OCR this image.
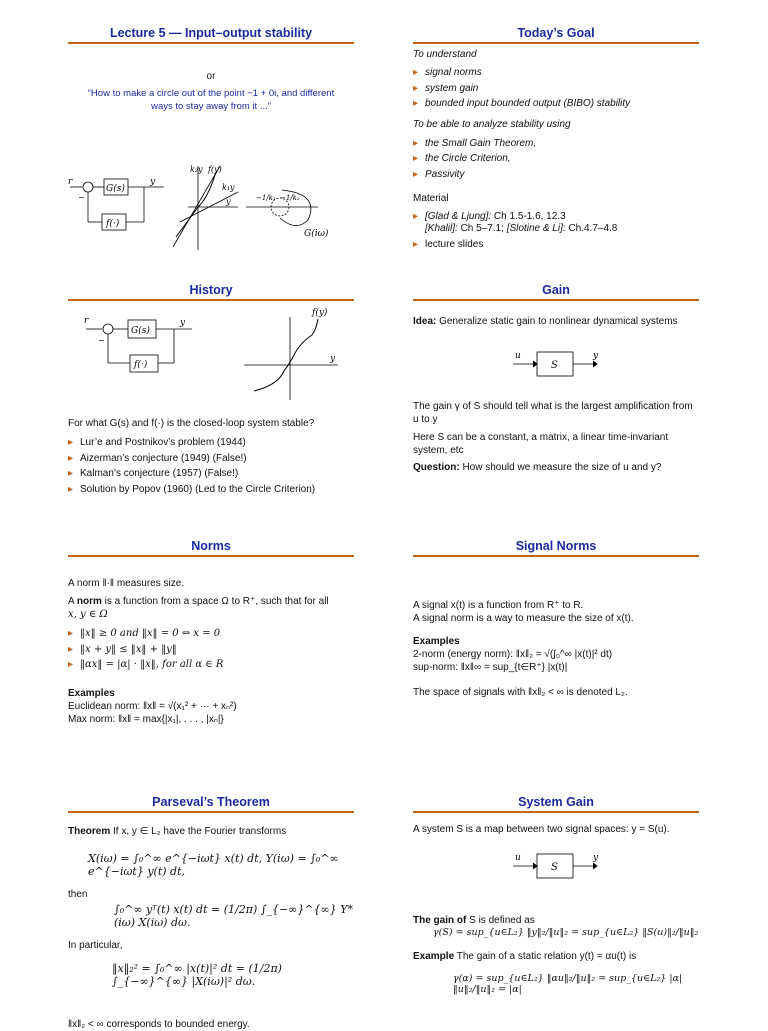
Lecture 5 — Input–output stability
or
“How to make a circle out of the point −1 + 0i, and different
ways to stay away from it ...”
r
G(s)
y
f(·)
−
k₂y f(y)
k₁y
y	−1/k₁ −1/k₂
G(iω)
Today’s Goal
To understand
▸ signal norms
▸ system gain
▸ bounded input bounded output (BIBO) stability
To be able to analyze stability using
▸ the Small Gain Theorem,
▸ the Circle Criterion,
▸ Passivity
Material
▸ [Glad & Ljung]: Ch 1.5-1.6, 12.3
[Khalil]: Ch 5–7.1; [Slotine & Li]: Ch.4.7–4.8
▸ lecture slides
History
r
G(s)
y
f(·)
−
f(y)
y
For what G(s) and f(·) is the closed-loop system stable?
▸ Lur’e and Postnikov’s problem (1944)
▸ Aizerman’s conjecture (1949) (False!)
▸ Kalman’s conjecture (1957) (False!)
▸ Solution by Popov (1960) (Led to the Circle Criterion)
Gain
Idea: Generalize static gain to nonlinear dynamical systems
u
S
y
The gain γ of S should tell what is the largest amplification from u to y
Here S can be a constant, a matrix, a linear time-invariant system, etc
Question: How should we measure the size of u and y?
Norms
A norm ‖·‖ measures size.
A norm is a function from a space Ω to R⁺, such that for all
x, y ∈ Ω
▸ ‖x‖ ≥ 0 and ‖x‖ = 0 ⇔ x = 0
▸ ‖x + y‖ ≤ ‖x‖ + ‖y‖
▸ ‖αx‖ = |α| · ‖x‖, for all α ∈ R
Examples
Euclidean norm: ‖x‖ = √(x₁² + ··· + xₙ²)
Max norm: ‖x‖ = max{|x₁|, . . . , |xₙ|}
Signal Norms
A signal x(t) is a function from R⁺ to R.
A signal norm is a way to measure the size of x(t).
Examples
2-norm (energy norm): ‖x‖₂ = √(∫₀^∞ |x(t)|² dt)
sup-norm: ‖x‖∞ = sup_{t∈R⁺} |x(t)|
The space of signals with ‖x‖₂ < ∞ is denoted L₂.
Parseval’s Theorem
Theorem If x, y ∈ L₂ have the Fourier transforms
X(iω) = ∫₀^∞ e^{−iωt} x(t) dt, Y(iω) = ∫₀^∞ e^{−iωt} y(t) dt,
then
∫₀^∞ yᵀ(t) x(t) dt = (1/2π) ∫_{−∞}^{∞} Y*(iω) X(iω) dω.
In particular,
‖x‖₂² = ∫₀^∞ |x(t)|² dt = (1/2π) ∫_{−∞}^{∞} |X(iω)|² dω.
‖x‖₂ < ∞ corresponds to bounded energy.
System Gain
A system S is a map between two signal spaces: y = S(u).
u
S
y
The gain of S is defined as
γ(S) = sup_{u∈L₂} ‖y‖₂/‖u‖₂ = sup_{u∈L₂} ‖S(u)‖₂/‖u‖₂
Example The gain of a static relation y(t) = αu(t) is
γ(α) = sup_{u∈L₂} ‖αu‖₂/‖u‖₂ = sup_{u∈L₂} |α|‖u‖₂/‖u‖₂ = |α|
